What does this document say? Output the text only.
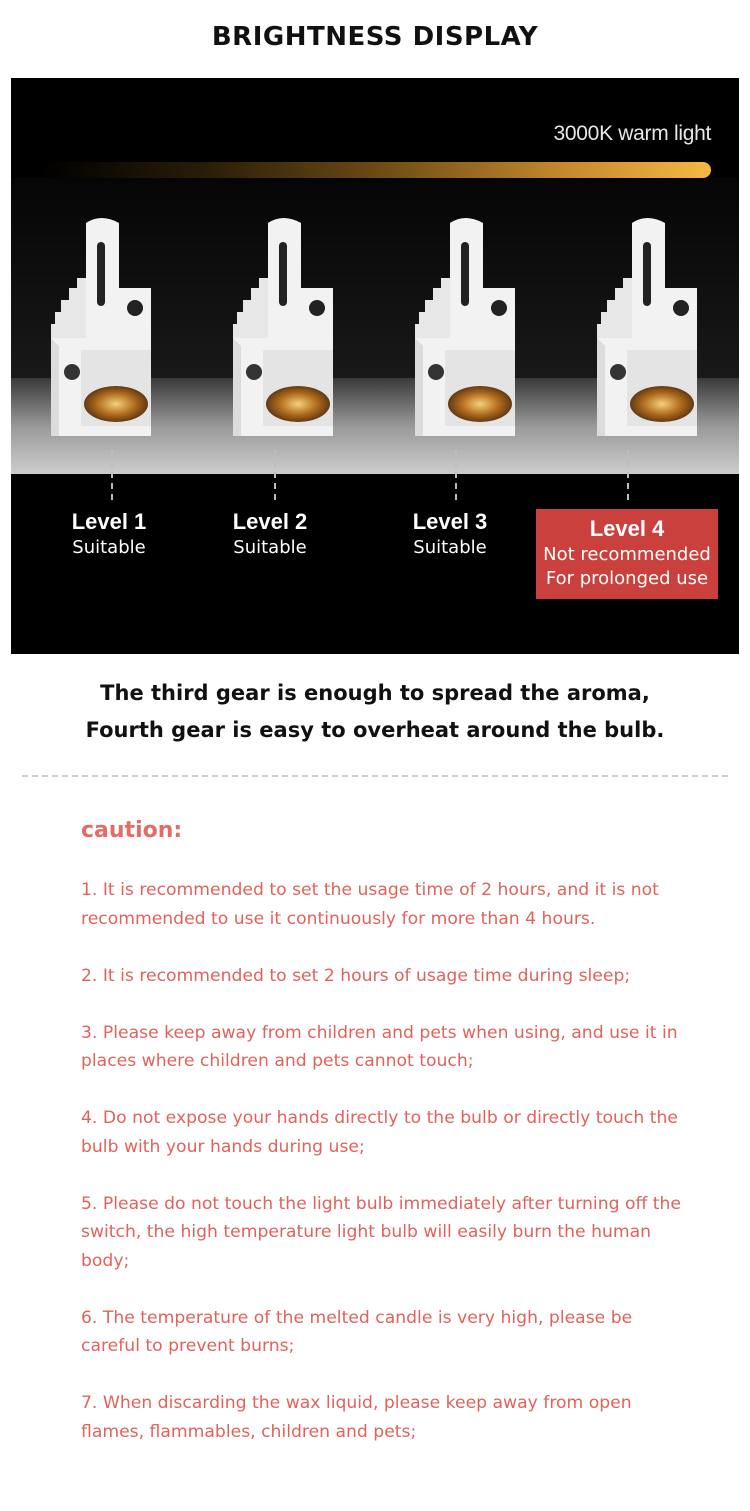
BRIGHTNESS DISPLAY
3000K warm light
Level 1
Suitable
Level 2
Suitable
Level 3
Suitable
Level 4
Not recommended
For prolonged use
The third gear is enough to spread the aroma,
Fourth gear is easy to overheat around the bulb.
caution:
1. It is recommended to set the usage time of 2 hours, and it is not recommended to use it continuously for more than 4 hours.
2. It is recommended to set 2 hours of usage time during sleep;
3. Please keep away from children and pets when using, and use it in places where children and pets cannot touch;
4. Do not expose your hands directly to the bulb or directly touch the bulb with your hands during use;
5. Please do not touch the light bulb immediately after turning off the switch, the high temperature light bulb will easily burn the human body;
6. The temperature of the melted candle is very high, please be careful to prevent burns;
7. When discarding the wax liquid, please keep away from open flames, flammables, children and pets;
